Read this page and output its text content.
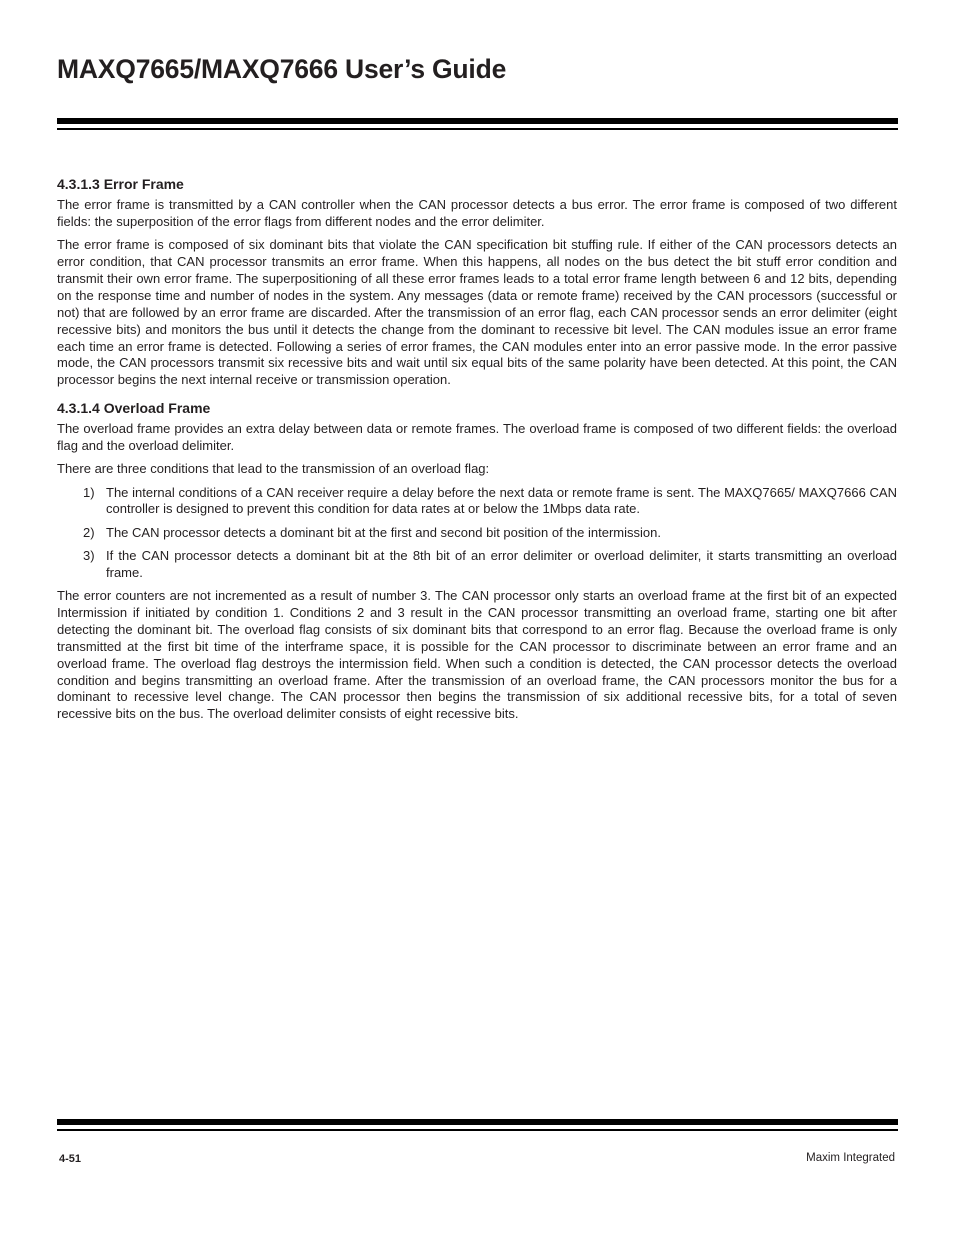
MAXQ7665/MAXQ7666 User’s Guide
4.3.1.3 Error Frame

The error frame is transmitted by a CAN controller when the CAN processor detects a bus error. The error frame is composed of two different fields: the superposition of the error flags from different nodes and the error delimiter.

The error frame is composed of six dominant bits that violate the CAN specification bit stuffing rule. If either of the CAN processors detects an error condition, that CAN processor transmits an error frame. When this happens, all nodes on the bus detect the bit stuff error condition and transmit their own error frame. The superpositioning of all these error frames leads to a total error frame length between 6 and 12 bits, depending on the response time and number of nodes in the system. Any messages (data or remote frame) received by the CAN processors (successful or not) that are followed by an error frame are discarded. After the transmission of an error flag, each CAN processor sends an error delimiter (eight recessive bits) and monitors the bus until it detects the change from the dominant to recessive bit level. The CAN modules issue an error frame each time an error frame is detected. Following a series of error frames, the CAN modules enter into an error passive mode. In the error passive mode, the CAN processors transmit six recessive bits and wait until six equal bits of the same polarity have been detected. At this point, the CAN processor begins the next internal receive or transmission operation.

4.3.1.4 Overload Frame

The overload frame provides an extra delay between data or remote frames. The overload frame is composed of two different fields: the overload flag and the overload delimiter.

There are three conditions that lead to the transmission of an overload flag:

1) The internal conditions of a CAN receiver require a delay before the next data or remote frame is sent. The MAXQ7665/ MAXQ7666 CAN controller is designed to prevent this condition for data rates at or below the 1Mbps data rate.
2) The CAN processor detects a dominant bit at the first and second bit position of the intermission.
3) If the CAN processor detects a dominant bit at the 8th bit of an error delimiter or overload delimiter, it starts transmitting an overload frame.

The error counters are not incremented as a result of number 3. The CAN processor only starts an overload frame at the first bit of an expected Intermission if initiated by condition 1. Conditions 2 and 3 result in the CAN processor transmitting an overload frame, starting one bit after detecting the dominant bit. The overload flag consists of six dominant bits that correspond to an error flag. Because the overload frame is only transmitted at the first bit time of the interframe space, it is possible for the CAN processor to discriminate between an error frame and an overload frame. The overload flag destroys the intermission field. When such a condition is detected, the CAN processor detects the overload condition and begins transmitting an overload frame. After the transmission of an overload frame, the CAN processors monitor the bus for a dominant to recessive level change. The CAN processor then begins the transmission of six additional recessive bits, for a total of seven recessive bits on the bus. The overload delimiter consists of eight recessive bits.

4-51	Maxim Integrated
